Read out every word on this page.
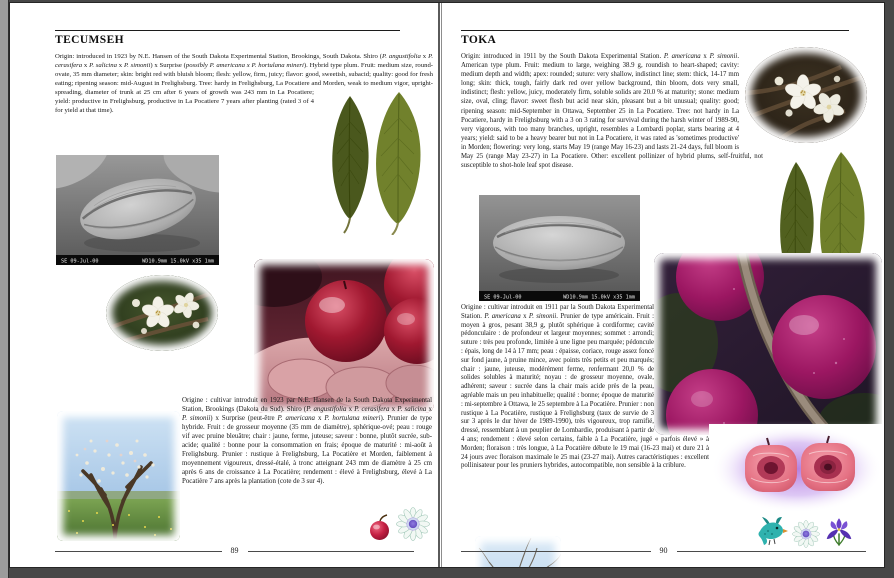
TECUMSEH
Origin: introduced in 1923 by N.E. Hansen of the South Dakota Experimental Station, Brookings, South Dakota. Shiro (P. angustifolia x P. cerasifera x P. salicina x P. simonii) x Surprise (possibly P. americana x P. hortulana mineri). Hybrid type plum. Fruit: medium size, round-ovate, 35 mm diameter; skin: bright red with bluish bloom; flesh: yellow, firm, juicy; flavor: good, sweetish, subacid; quality: good for fresh eating; ripening season: mid-August in Frelighsburg. Tree: hardy in Frelighsburg, La Pocatiere and Morden, weak to medium vigor, upright-spreading, diameter of trunk at 25 cm after 6 years of growth was 243 mm in La Pocatiere; yield: productive in Frelighsburg, productive in La Pocatiere 7 years after planting (rated 3 of 4 for yield at that time).
SE 09-Jul-00	WD10.9mm 15.0kV x35 1mm
Origine : cultivar introduit en 1923 par N.E. Hansen de la South Dakota Experimental Station, Brookings (Dakota du Sud). Shiro (P. angustifolia x P. cerasifera x P. salicina x P. simonii) x Surprise (peut-être P. americana x P. hortulana mineri). Prunier de type hybride. Fruit : de grosseur moyenne (35 mm de diamètre), sphérique-ové; peau : rouge vif avec pruine bleuâtre; chair : jaune, ferme, juteuse; saveur : bonne, plutôt sucrée, sub-acide; qualité : bonne pour la consommation en frais; époque de maturité : mi-août à Frelighsburg. Prunier : rustique à Frelighsburg, La Pocatière et Morden, faiblement à moyennement vigoureux, dressé-étalé, à tronc atteignant 243 mm de diamètre à 25 cm après 6 ans de croissance à La Pocatière; rendement : élevé à Frelighsburg, élevé à La Pocatière 7 ans après la plantation (cote de 3 sur 4).
89
TOKA
Origin: introduced in 1911 by the South Dakota Experimental Station. P. americana x P. simonii. American type plum. Fruit: medium to large, weighing 38.9 g, roundish to heart-shaped; cavity: medium depth and width; apex: rounded; suture: very shallow, indistinct line; stem: thick, 14-17 mm long; skin: thick, tough, fairly dark red over yellow background, thin bloom, dots very small, indistinct; flesh: yellow, juicy, moderately firm, soluble solids are 20.0 % at maturity; stone: medium size, oval, cling; flavor: sweet flesh but acid near skin, pleasant but a bit unusual; quality: good; ripening season: mid-September in Ottawa, September 25 in La Pocatiere. Tree: not hardy in La Pocatiere, hardy in Frelighsburg with a 3 on 3 rating for survival during the harsh winter of 1989-90, very vigorous, with too many branches, upright, resembles a Lombardi poplar, starts bearing at 4 years; yield: said to be a heavy bearer but not in La Pocatiere, it was rated as 'sometimes productive' in Morden; flowering: very long, starts May 19 (range May 16-23) and lasts 21-24 days, full bloom is May 25 (range May 23-27) in La Pocatiere. Other: excellent pollinizer of hybrid plums, self-fruitful, not susceptible to shot-hole leaf spot disease.
SE 09-Jul-00	WD10.9mm 15.0kV x35 1mm
Origine : cultivar introduit en 1911 par la South Dakota Experimental Station. P. americana x P. simonii. Prunier de type américain. Fruit : moyen à gros, pesant 38,9 g, plutôt sphérique à cordiforme; cavité pédonculaire : de profondeur et largeur moyennes; sommet : arrondi; suture : très peu profonde, limitée à une ligne peu marquée; pédoncule : épais, long de 14 à 17 mm; peau : épaisse, coriace, rouge assez foncé sur fond jaune, à pruine mince, avec points très petits et peu marqués; chair : jaune, juteuse, modérément ferme, renfermant 20,0 % de solides solubles à maturité; noyau : de grosseur moyenne, ovale, adhérent; saveur : sucrée dans la chair mais acide près de la peau, agréable mais un peu inhabituelle; qualité : bonne; époque de maturité : mi-septembre à Ottawa, le 25 septembre à La Pocatière. Prunier : non rustique à La Pocatière, rustique à Frelighsburg (taux de survie de 3 sur 3 après le dur hiver de 1989-1990), très vigoureux, trop ramifié, dressé, ressemblant à un peuplier de Lombardie, produisant à partir de 4 ans; rendement : élevé selon certains, faible à La Pocatière, jugé « parfois élevé » à Morden; floraison : très longue, à La Pocatière débute le 19 mai (16-23 mai) et dure 21 à 24 jours avec floraison maximale le 25 mai (23-27 mai). Autres caractéristiques : excellent pollinisateur pour les pruniers hybrides, autocompatible, non sensible à la criblure.
90
